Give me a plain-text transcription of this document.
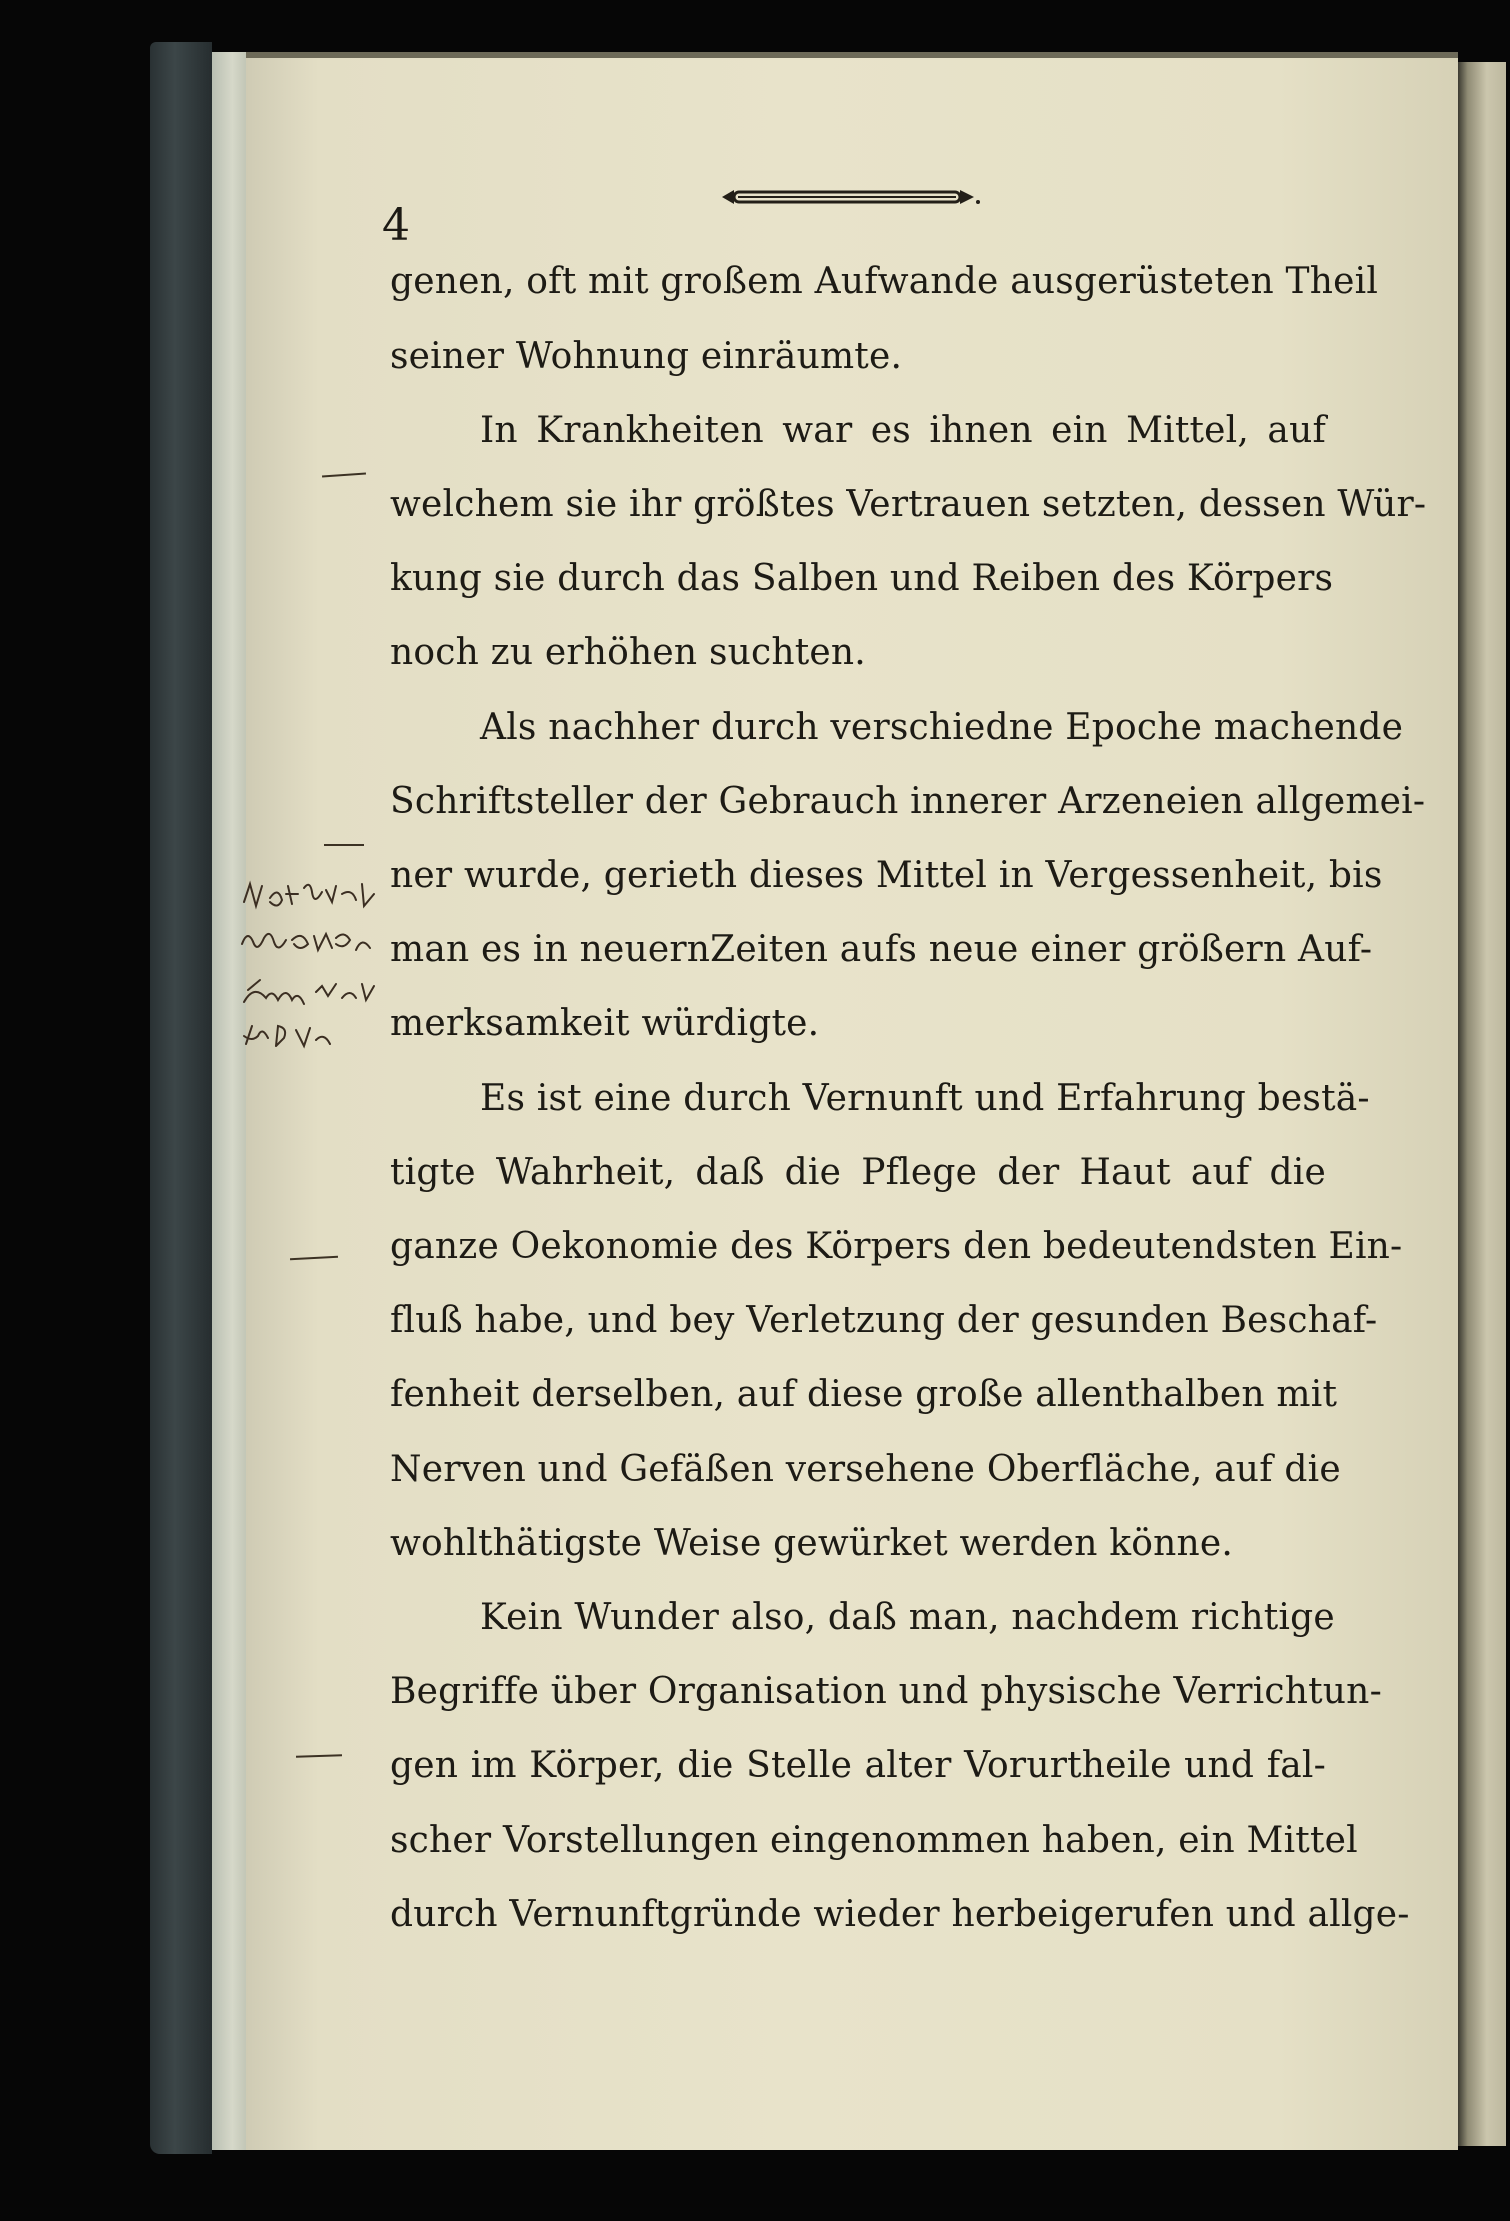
4
genen, oft mit großem Aufwande ausgerüsteten Theil
seiner Wohnung einräumte.
In Krankheiten war es ihnen ein Mittel, auf
welchem sie ihr größtes Vertrauen setzten, dessen Wür-
kung sie durch das Salben und Reiben des Körpers
noch zu erhöhen suchten.
Als nachher durch verschiedne Epoche machende
Schriftsteller der Gebrauch innerer Arzeneien allgemei-
ner wurde, gerieth dieses Mittel in Vergessenheit, bis
man es in neuernZeiten aufs neue einer größern Auf-
merksamkeit würdigte.
Es ist eine durch Vernunft und Erfahrung bestä-
tigte Wahrheit, daß die Pflege der Haut auf die
ganze Oekonomie des Körpers den bedeutendsten Ein-
fluß habe, und bey Verletzung der gesunden Beschaf-
fenheit derselben, auf diese große allenthalben mit
Nerven und Gefäßen versehene Oberfläche, auf die
wohlthätigste Weise gewürket werden könne.
Kein Wunder also, daß man, nachdem richtige
Begriffe über Organisation und physische Verrichtun-
gen im Körper, die Stelle alter Vorurtheile und fal-
scher Vorstellungen eingenommen haben, ein Mittel
durch Vernunftgründe wieder herbeigerufen und allge-
